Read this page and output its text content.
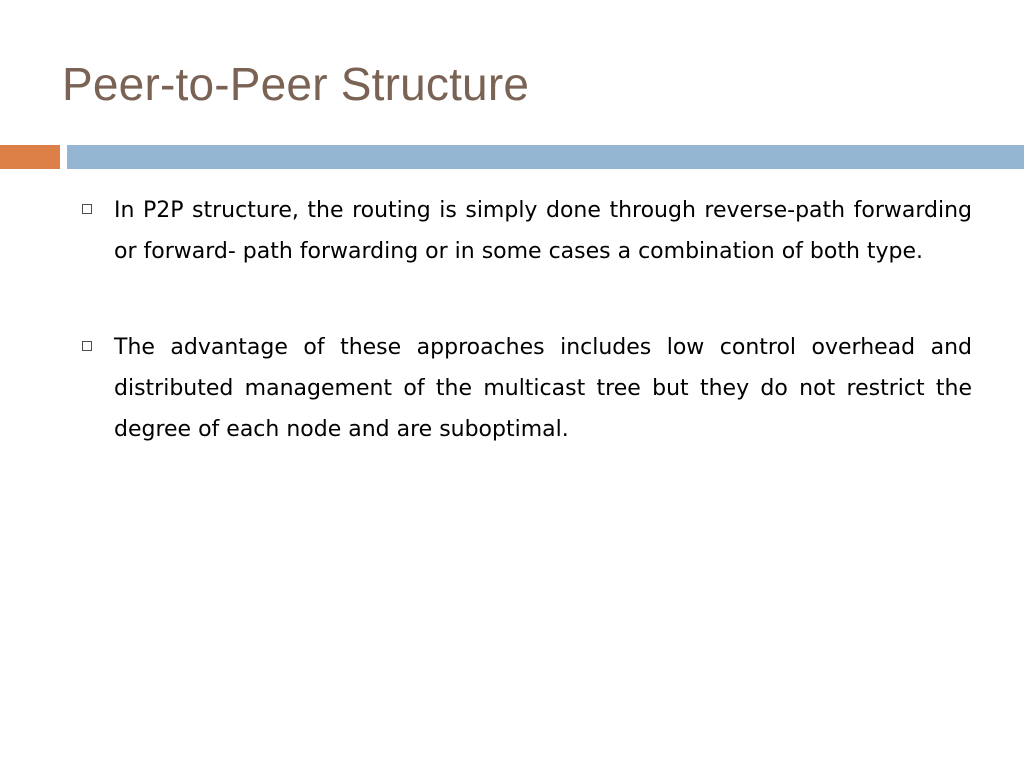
Peer-to-Peer Structure
In P2P structure, the routing is simply done through reverse-path forwarding or forward- path forwarding or in some cases a combination of both type.
The advantage of these approaches includes low control overhead and distributed management of the multicast tree but they do not restrict the degree of each node and are suboptimal.
